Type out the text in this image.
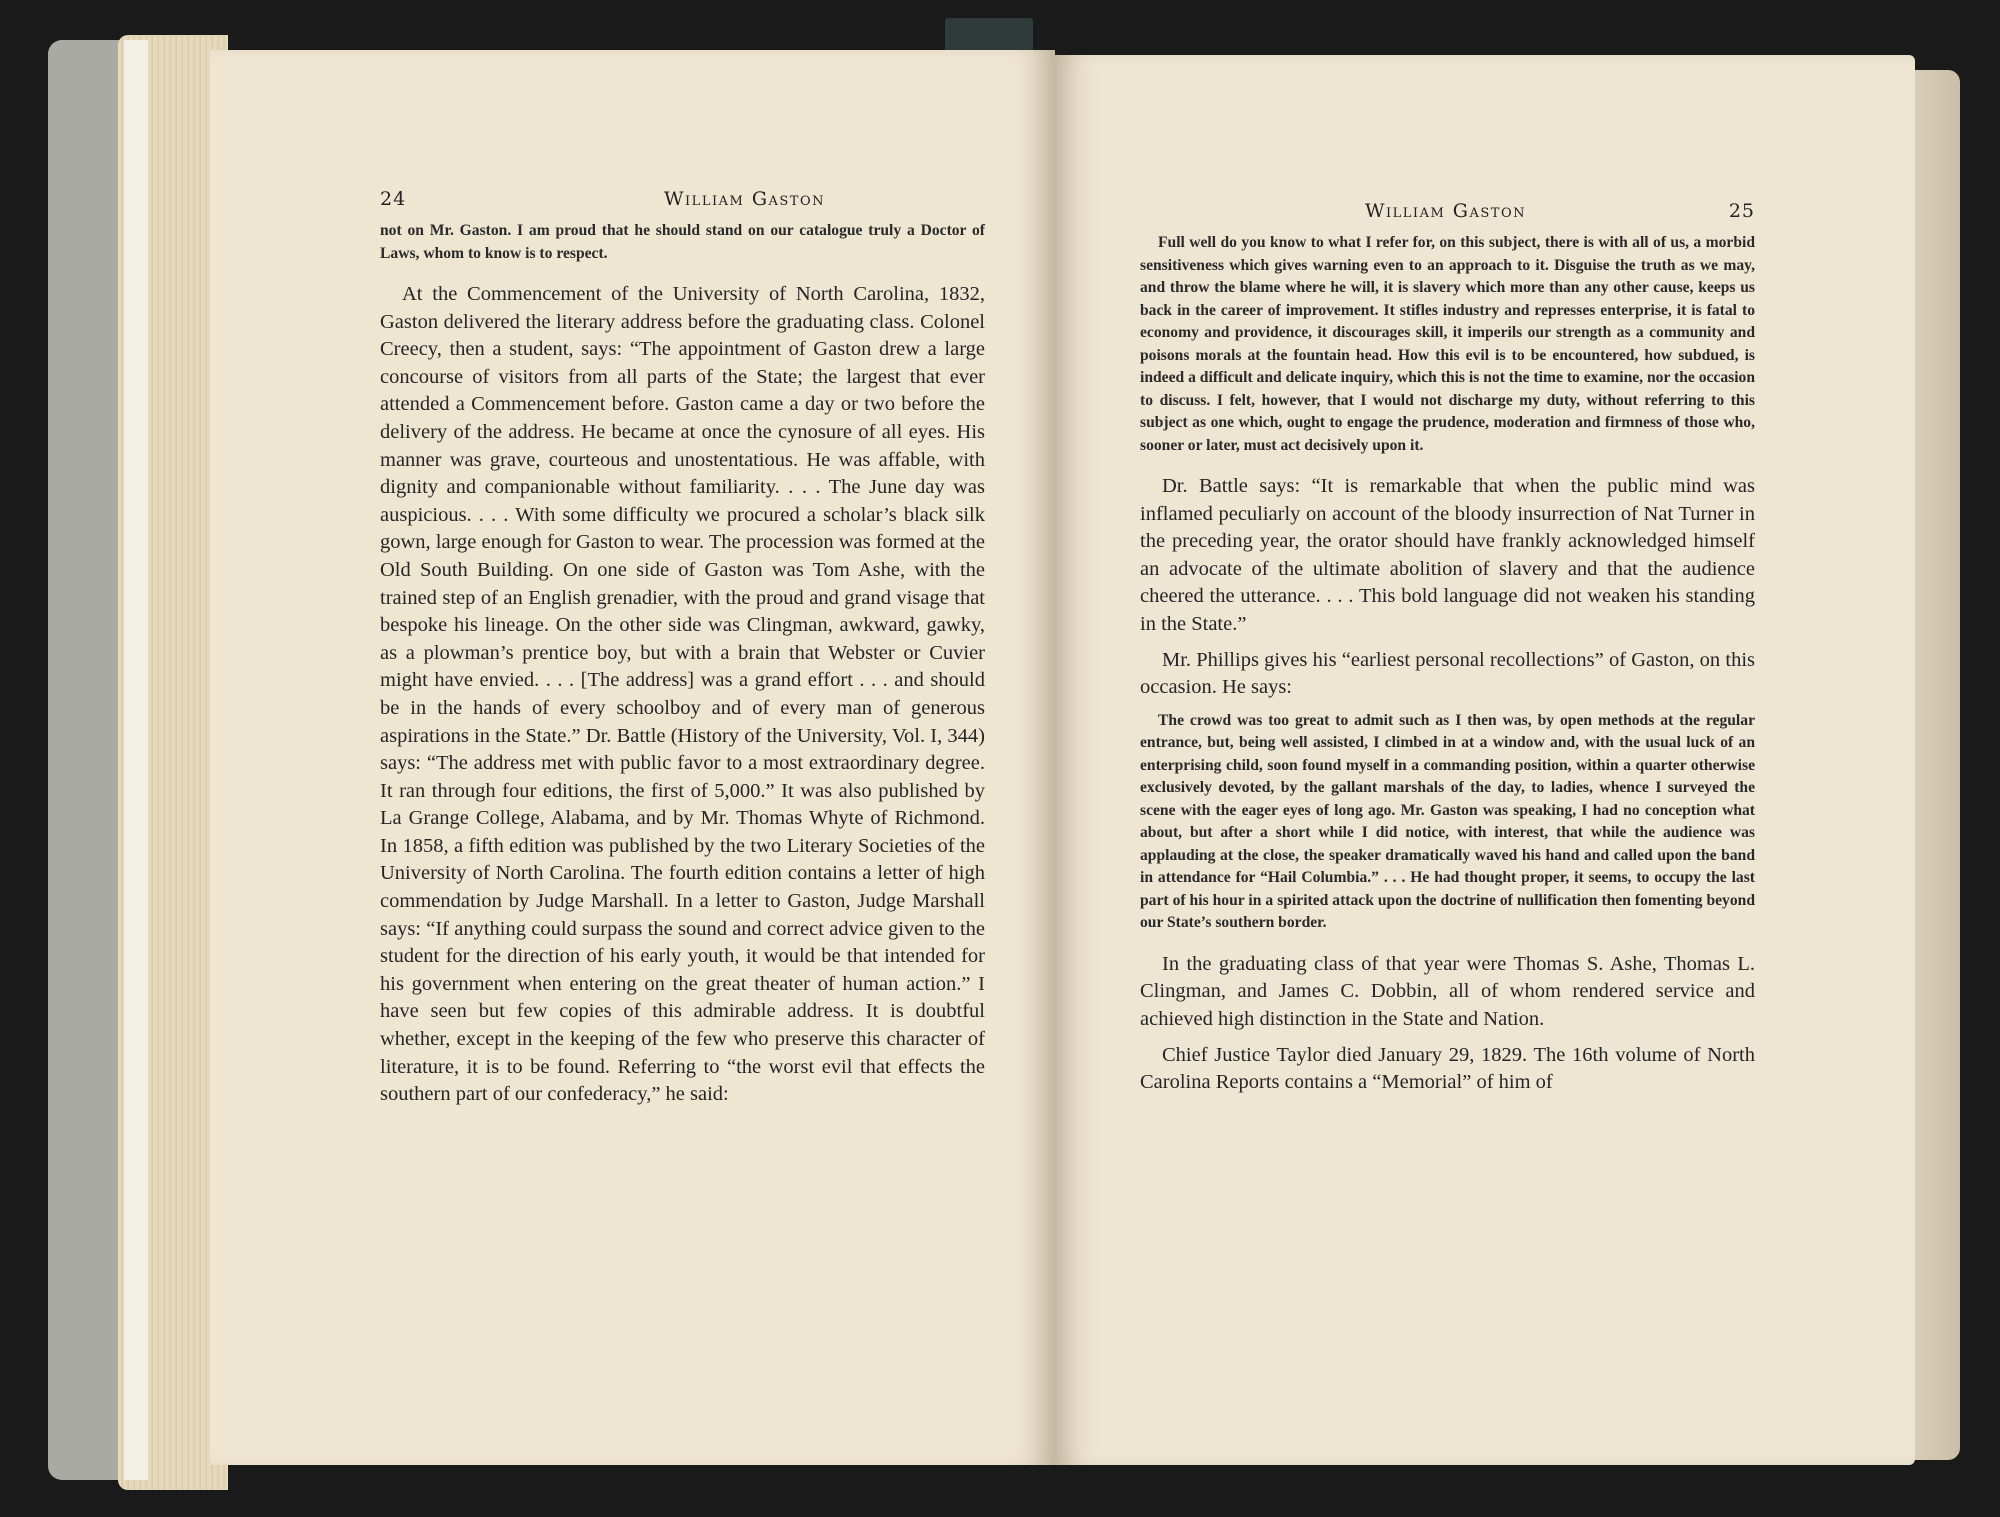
24	William Gaston

not on Mr. Gaston. I am proud that he should stand on our catalogue truly a Doctor of Laws, whom to know is to respect.

At the Commencement of the University of North Carolina, 1832, Gaston delivered the literary address before the graduating class. Colonel Creecy, then a student, says: “The appointment of Gaston drew a large concourse of visitors from all parts of the State; the largest that ever attended a Commencement before. Gaston came a day or two before the delivery of the address. He became at once the cynosure of all eyes. His manner was grave, courteous and unostentatious. He was affable, with dignity and companionable without familiarity. . . . The June day was auspicious. . . . With some difficulty we procured a scholar’s black silk gown, large enough for Gaston to wear. The procession was formed at the Old South Building. On one side of Gaston was Tom Ashe, with the trained step of an English grenadier, with the proud and grand visage that bespoke his lineage. On the other side was Clingman, awkward, gawky, as a plowman’s prentice boy, but with a brain that Webster or Cuvier might have envied. . . . [The address] was a grand effort . . . and should be in the hands of every schoolboy and of every man of generous aspirations in the State.” Dr. Battle (History of the University, Vol. I, 344) says: “The address met with public favor to a most extraordinary degree. It ran through four editions, the first of 5,000.” It was also published by La Grange College, Alabama, and by Mr. Thomas Whyte of Richmond. In 1858, a fifth edition was published by the two Literary Societies of the University of North Carolina. The fourth edition contains a letter of high commendation by Judge Marshall. In a letter to Gaston, Judge Marshall says: “If anything could surpass the sound and correct advice given to the student for the direction of his early youth, it would be that intended for his government when entering on the great theater of human action.” I have seen but few copies of this admirable address. It is doubtful whether, except in the keeping of the few who preserve this character of literature, it is to be found. Referring to “the worst evil that effects the southern part of our confederacy,” he said:

William Gaston	25

Full well do you know to what I refer for, on this subject, there is with all of us, a morbid sensitiveness which gives warning even to an approach to it. Disguise the truth as we may, and throw the blame where he will, it is slavery which more than any other cause, keeps us back in the career of improvement. It stifles industry and represses enterprise, it is fatal to economy and providence, it discourages skill, it imperils our strength as a community and poisons morals at the fountain head. How this evil is to be encountered, how subdued, is indeed a difficult and delicate inquiry, which this is not the time to examine, nor the occasion to discuss. I felt, however, that I would not discharge my duty, without referring to this subject as one which, ought to engage the prudence, moderation and firmness of those who, sooner or later, must act decisively upon it.

Dr. Battle says: “It is remarkable that when the public mind was inflamed peculiarly on account of the bloody insurrection of Nat Turner in the preceding year, the orator should have frankly acknowledged himself an advocate of the ultimate abolition of slavery and that the audience cheered the utterance. . . . This bold language did not weaken his standing in the State.”

Mr. Phillips gives his “earliest personal recollections” of Gaston, on this occasion. He says:

The crowd was too great to admit such as I then was, by open methods at the regular entrance, but, being well assisted, I climbed in at a window and, with the usual luck of an enterprising child, soon found myself in a commanding position, within a quarter otherwise exclusively devoted, by the gallant marshals of the day, to ladies, whence I surveyed the scene with the eager eyes of long ago. Mr. Gaston was speaking, I had no conception what about, but after a short while I did notice, with interest, that while the audience was applauding at the close, the speaker dramatically waved his hand and called upon the band in attendance for “Hail Columbia.” . . . He had thought proper, it seems, to occupy the last part of his hour in a spirited attack upon the doctrine of nullification then fomenting beyond our State’s southern border.

In the graduating class of that year were Thomas S. Ashe, Thomas L. Clingman, and James C. Dobbin, all of whom rendered service and achieved high distinction in the State and Nation.

Chief Justice Taylor died January 29, 1829. The 16th volume of North Carolina Reports contains a “Memorial” of him of
